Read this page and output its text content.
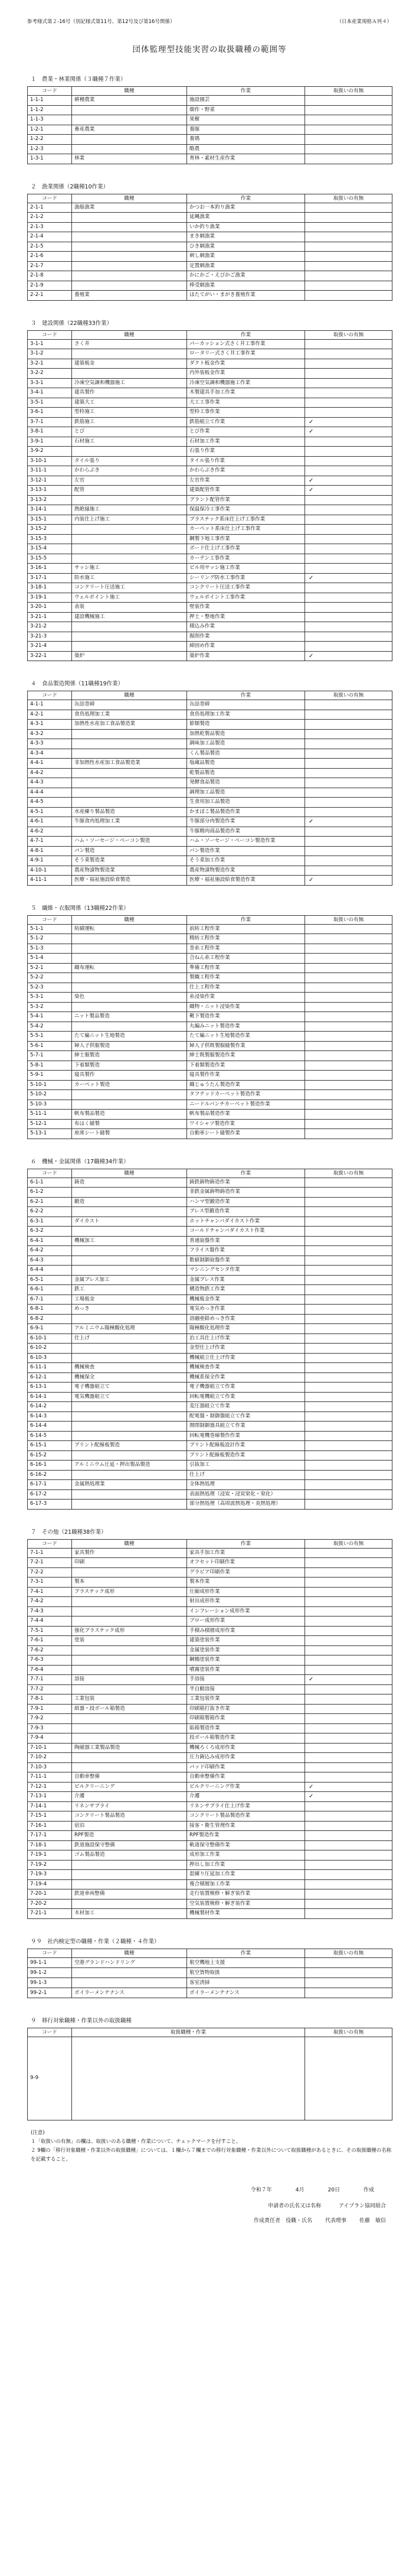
参考様式第２-16号（別記様式第11号、第12号及び第16号関係）	（日本産業規格Ａ列４）
団体監理型技能実習の取扱職種の範囲等
１　農業・林業関係（３職種７作業）
コード	職種	作業	取扱いの有無
1-1-1	耕種農業	施設園芸	
1-1-2		畑作・野菜	
1-1-3		果樹	
1-2-1	畜産農業	養豚	
1-2-2		養鶏	
1-2-3		酪農	
1-3-1	林業	育林・素材生産作業	
２　漁業関係（2職種10作業）
コード	職種	作業	取扱いの有無
2-1-1	漁船漁業	かつお一本釣り漁業	
2-1-2		延縄漁業	
2-1-3		いか釣り漁業	
2-1-4		まき網漁業	
2-1-5		ひき網漁業	
2-1-6		刺し網漁業	
2-1-7		定置網漁業	
2-1-8		かにかご・えびかご漁業	
2-1-9		棒受網漁業	
2-2-1	養殖業	ほたてがい・まがき養殖作業	
３　建設関係（22職種33作業）
コード	職種	作業	取扱いの有無
3-1-1	さく井	パーカッション式さく井工事作業	
3-1-2		ロータリー式さく井工事作業	
3-2-1	建築板金	ダクト板金作業	
3-2-2		内外装板金作業	
3-3-1	冷凍空気調和機器施工	冷凍空気調和機器施工作業	
3-4-1	建具製作	木製建具手加工作業	
3-5-1	建築大工	大工工事作業	
3-6-1	型枠施工	型枠工事作業	
3-7-1	鉄筋施工	鉄筋組立て作業	✓
3-8-1	とび	とび作業	✓
3-9-1	石材施工	石材加工作業	
3-9-2		石張り作業	
3-10-1	タイル張り	タイル張り作業	
3-11-1	かわらぶき	かわらぶき作業	
3-12-1	左官	左官作業	✓
3-13-1	配管	建築配管作業	✓
3-13-2		プラント配管作業	
3-14-1	熱絶縁施工	保温保冷工事作業	
3-15-1	内装仕上げ施工	プラスチック系床仕上げ工事作業	
3-15-2		カーペット系床仕上げ工事作業	
3-15-3		鋼製下地工事作業	
3-15-4		ボード仕上げ工事作業	
3-15-5		カーテン工事作業	
3-16-1	サッシ施工	ビル用サッシ施工作業	
3-17-1	防水施工	シーリング防水工事作業	✓
3-18-1	コンクリート圧送施工	コンクリート圧送工事作業	
3-19-1	ウェルポイント施工	ウェルポイント工事作業	
3-20-1	表装	壁装作業	
3-21-1	建設機械施工	押土・整地作業	
3-21-2		積込み作業	
3-21-3		掘削作業	
3-21-4		締固め作業	
3-22-1	築炉	築炉作業	✓
４　食品製造関係（11職種19作業）
コード	職種	作業	取扱いの有無
4-1-1	缶詰巻締	缶詰巻締	
4-2-1	食鳥処理加工業	食鳥処理加工作業	
4-3-1	加熱性水産加工食品製造業	節類製造	
4-3-2		加熱乾製品製造	
4-3-3		調味加工品製造	
4-3-4		くん製品製造	
4-4-1	非加熱性水産加工食品製造業	塩蔵品製造	
4-4-2		乾製品製造	
4-4-3		発酵食品製造	
4-4-4		調理加工品製造	
4-4-5		生食用加工品製造	
4-5-1	水産練り製品製造	かまぼこ製品製造作業	
4-6-1	牛豚食肉処理加工業	牛豚部分肉製造作業	✓
4-6-2		牛豚精肉商品製造作業	
4-7-1	ハム・ソーセージ・ベーコン製造	ハム・ソーセージ・ベーコン製造作業	
4-8-1	パン製造	パン製造作業	
4-9-1	そう菜製造業	そう菜加工作業	
4-10-1	農産物漬物製造業	農産物漬物製造作業	
4-11-1	医療・福祉施設給食製造	医療・福祉施設給食製造作業	✓
５　繊維・衣服関係（13職種22作業）
コード	職種	作業	取扱いの有無
5-1-1	紡績運転	前紡工程作業	
5-1-2		精紡工程作業	
5-1-3		巻糸工程作業	
5-1-4		合ねん糸工程作業	
5-2-1	織布運転	準備工程作業	
5-2-2		製織工程作業	
5-2-3		仕上工程作業	
5-3-1	染色	糸浸染作業	
5-3-2		織物・ニット浸染作業	
5-4-1	ニット製品製造	靴下製造作業	
5-4-2		丸編みニット製造作業	
5-5-1	たて編ニット生地製造	たて編ニット生地製造作業	
5-6-1	婦人子供服製造	婦人子供既製服縫製作業	
5-7-1	紳士服製造	紳士既製服製造作業	
5-8-1	下着類製造	下着類製造作業	
5-9-1	寝具製作	寝具製作作業	
5-10-1	カーペット製造	織じゅうたん製造作業	
5-10-2		タフテッドカーペット製造作業	
5-10-3		ニードルパンチカーペット製造作業	
5-11-1	帆布製品製造	帆布製品製造作業	
5-12-1	布はく縫製	ワイシャツ製造作業	
5-13-1	座席シート縫製	自動車シート縫製作業	
６　機械・金属関係（17職種34作業）
コード	職種	作業	取扱いの有無
6-1-1	鋳造	鋳鉄鋳物鋳造作業	
6-1-2		非鉄金属鋳物鋳造作業	
6-2-1	鍛造	ハンマ型鍛造作業	
6-2-2		プレス型鍛造作業	
6-3-1	ダイカスト	ホットチャンバダイカスト作業	
6-3-2		コールドチャンバダイカスト作業	
6-4-1	機械加工	普通旋盤作業	
6-4-2		フライス盤作業	
6-4-3		数値制御旋盤作業	
6-4-4		マシニングセンタ作業	
6-5-1	金属プレス加工	金属プレス作業	
6-6-1	鉄工	構造物鉄工作業	
6-7-1	工場板金	機械板金作業	
6-8-1	めっき	電気めっき作業	
6-8-2		溶融亜鉛めっき作業	
6-9-1	アルミニウム陽極酸化処理	陽極酸化処理作業	
6-10-1	仕上げ	治工具仕上げ作業	
6-10-2		金型仕上げ作業	
6-10-3		機械組立仕上げ作業	
6-11-1	機械検査	機械検査作業	
6-12-1	機械保全	機械系保全作業	
6-13-1	電子機器組立て	電子機器組立て作業	
6-14-1	電気機器組立て	回転電機組立て作業	
6-14-2		変圧器組立て作業	
6-14-3		配電盤・制御盤組立て作業	
6-14-4		開閉制御器具組立て作業	
6-14-5		回転電機巻線製作作業	
6-15-1	プリント配線板製造	プリント配線板設計作業	
6-15-2		プリント配線板製造作業	
6-16-1	アルミニウム圧延・押出製品製造	引抜加工	
6-16-2		仕上げ	
6-17-1	金属熱処理業	全体熱処理	
6-17-2		表面熱処理（浸炭・浸炭窒化・窒化）	
6-17-3		部分熱処理（高周波熱処理・炎熱処理）	
７　その他（21職種38作業）
コード	職種	作業	取扱いの有無
7-1-1	家具製作	家具手加工作業	
7-2-1	印刷	オフセット印刷作業	
7-2-2		グラビア印刷作業	
7-3-1	製本	製本作業	
7-4-1	プラスチック成形	圧縮成形作業	
7-4-2		射出成形作業	
7-4-3		インフレーション成形作業	
7-4-4		ブロー成形作業	
7-5-1	強化プラスチック成形	手積み積層成形作業	
7-6-1	塗装	建築塗装作業	
7-6-2		金属塗装作業	
7-6-3		鋼橋塗装作業	
7-6-4		噴霧塗装作業	
7-7-1	溶接	手溶接	✓
7-7-2		半自動溶接	
7-8-1	工業包装	工業包装作業	
7-9-1	紙器・段ボール箱製造	印刷箱打抜き作業	
7-9-2		印刷箱製箱作業	
7-9-3		貼箱製造作業	
7-9-4		段ボール箱製造作業	
7-10-1	陶磁器工業製品製造	機械ろくろ成形作業	
7-10-2		圧力鋳込み成形作業	
7-10-3		パッド印刷作業	
7-11-1	自動車整備	自動車整備作業	
7-12-1	ビルクリーニング	ビルクリーニング作業	✓
7-13-1	介護	介護	✓
7-14-1	リネンサプライ	リネンサプライ仕上げ作業	
7-15-1	コンクリート製品製造	コンクリート製品製造作業	
7-16-1	宿泊	接客・衛生管理作業	
7-17-1	RPF製造	RPF製造作業	
7-18-1	鉄道施設保守整備	軌道保守整備作業	
7-19-1	ゴム製品製造	成形加工作業	
7-19-2		押出し加工作業	
7-19-3		混練り圧延加工作業	
7-19-4		複合積層加工作業	
7-20-1	鉄道車両整備	走行装置検修・解ぎ装作業	
7-20-2		空気装置検修・解ぎ装作業	
7-21-1	木材加工	機械製材作業	
９９　社内検定型の職種・作業（２職種・４作業）
コード	職種	作業	取扱いの有無
99-1-1	空港グランドハンドリング	航空機地上支援	
99-1-2		航空貨物取扱	
99-1-3		客室清掃	
99-2-1	ボイラーメンテナンス	ボイラーメンテナンス	
９　移行対象職種・作業以外の取扱職種
コード	取扱職種・作業	取扱いの有無
9-9		
(注意)
１「取扱いの有無」の欄は、取扱いのある職種・作業について、チェックマークを付すこと。
２ 9欄の「移行対象職種・作業以外の取扱職種」については、１欄から７欄までの移行対象職種・作業以外について取扱職種があるときに、その取扱職種の名称を記載すること。
令和７年	4月	20日	作成
申請者の氏名又は名称	アイプラン協同組合
作成責任者　役職・氏名 代表理事 佐藤　敏信
